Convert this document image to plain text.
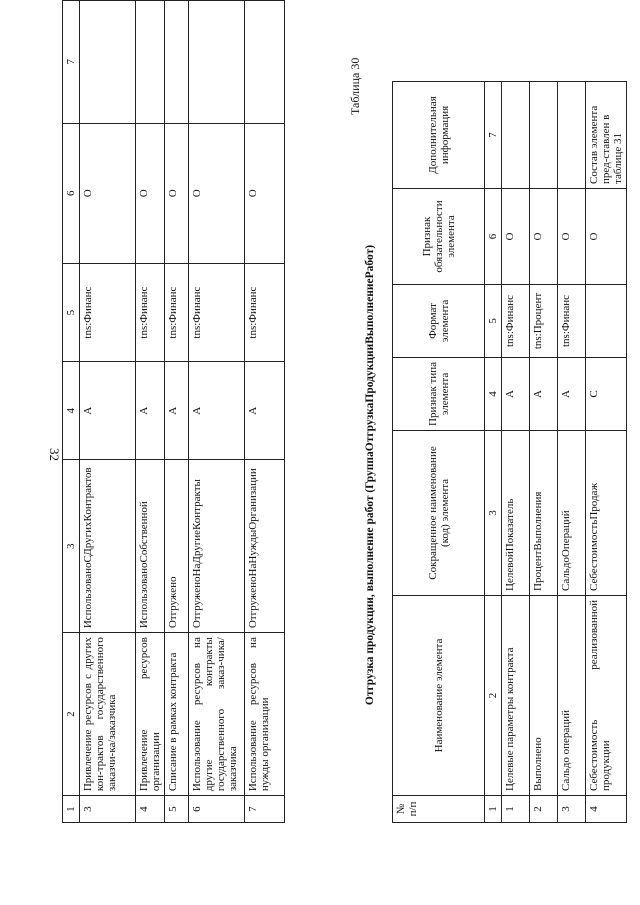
32
1	2	3	4	5	6	7
3	Привлечение ресурсов с других кон-трактов государственного заказчи-ка/заказчика	ИспользованоСДругихКонтрактов	А	tns:Финанс	О	
4	Привлечение ресурсов организации	ИспользованоСобственной	А	tns:Финанс	О	
5	Списание в рамках контракта	Отгружено	А	tns:Финанс	О	
6	Использование ресурсов на другие контракты государственного заказ-чика/заказчика	ОтгруженоНаДругиеКонтракты	А	tns:Финанс	О	
7	Использование ресурсов на нужды организации	ОтгруженоНаНуждыОрганизации	А	tns:Финанс	О	
Отгрузка продукции, выполнение работ (ГруппаОтгрузкаПродукцииВыполнениеРабот)
Таблица 30
№ п/п	Наименование элемента	Сокращенное наименование (код) элемента	Признак типа элемента	Формат элемента	Признак обязательности элемента	Дополнительная информация
1	2	3	4	5	6	7
1	Целевые параметры контракта	ЦелевойПоказатель	А	tns:Финанс	О	
2	Выполнено	ПроцентВыполнения	А	tns:Процент	О	
3	Сальдо операций	СальдоОпераций	А	tns:Финанс	О	
4	Себестоимость реализованной продукции	СебестоимостьПродаж	С		О	Состав элемента пред-ставлен в таблице 31
